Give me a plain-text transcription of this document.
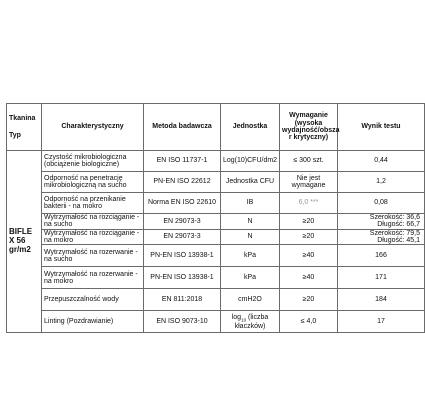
Tkanina
Typ	Charakterystyczny	Metoda badawcza	Jednostka	Wymaganie (wysoka wydajność/obsza r krytyczny)	Wynik testu

BIFLE
X 56
gr/m2	Czystość mikrobiologiczna (obciążenie biologiczne)	EN ISO 11737-1	Log(10)CFU/dm2	≤ 300 szt.	0,44
	Odporność na penetrację mikrobiologiczną na sucho	PN-EN ISO 22612	Jednostka CFU	Nie jest wymagane	1,2
	Odporność na przenikanie bakterii - na mokro	Norma EN ISO 22610	IB	6,0 ***	0,08
	Wytrzymałość na rozciąganie - na sucho	EN 29073-3	N	≥20	Szerokość: 36,6
Długość: 66,7

	Wytrzymałość na rozciąganie - na mokro	EN 29073-3	N	≥20	Szerokość: 79,5
Długość: 45,1

	Wytrzymałość na rozerwanie - na sucho	PN-EN ISO 13938-1	kPa	≥40	166
	Wytrzymałość na rozerwanie - na mokro	PN-EN ISO 13938-1	kPa	≥40	171
	Przepuszczalność wody	EN 811:2018	cmH2O	≥20	184
	Linting (Pozdrawianie)	EN ISO 9073-10	$\log_{10}$ (liczba kłaczków)	≤ 4,0	17
